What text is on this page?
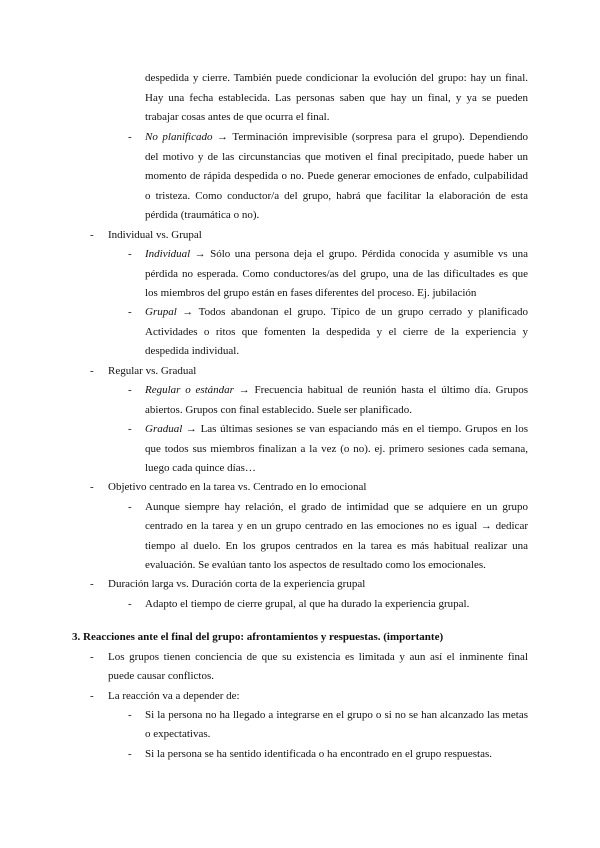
despedida y cierre. También puede condicionar la evolución del grupo: hay un final.
Hay una fecha establecida. Las personas saben que hay un final, y ya se pueden
trabajar cosas antes de que ocurra el final.
- No planificado → Terminación imprevisible (sorpresa para el grupo). Dependiendo
del motivo y de las circunstancias que motiven el final precipitado, puede haber un
momento de rápida despedida o no. Puede generar emociones de enfado, culpabilidad
o tristeza. Como conductor/a del grupo, habrá que facilitar la elaboración de esta
pérdida (traumática o no).
- Individual vs. Grupal
- Individual → Sólo una persona deja el grupo. Pérdida conocida y asumible vs una
pérdida no esperada. Como conductores/as del grupo, una de las dificultades es que
los miembros del grupo están en fases diferentes del proceso. Ej. jubilación
- Grupal → Todos abandonan el grupo. Típico de un grupo cerrado y planificado
Actividades o ritos que fomenten la despedida y el cierre de la experiencia y
despedida individual.
- Regular vs. Gradual
- Regular o estándar → Frecuencia habitual de reunión hasta el último día. Grupos
abiertos. Grupos con final establecido. Suele ser planificado.
- Gradual → Las últimas sesiones se van espaciando más en el tiempo. Grupos en los
que todos sus miembros finalizan a la vez (o no). ej. primero sesiones cada semana,
luego cada quince días…
- Objetivo centrado en la tarea vs. Centrado en lo emocional
- Aunque siempre hay relación, el grado de intimidad que se adquiere en un grupo
centrado en la tarea y en un grupo centrado en las emociones no es igual → dedicar
tiempo al duelo. En los grupos centrados en la tarea es más habitual realizar una
evaluación. Se evalúan tanto los aspectos de resultado como los emocionales.
- Duración larga vs. Duración corta de la experiencia grupal
- Adapto el tiempo de cierre grupal, al que ha durado la experiencia grupal.
3. Reacciones ante el final del grupo: afrontamientos y respuestas. (importante)
- Los grupos tienen conciencia de que su existencia es limitada y aun así el inminente final
puede causar conflictos.
- La reacción va a depender de:
- Si la persona no ha llegado a integrarse en el grupo o si no se han alcanzado las metas
o expectativas.
- Si la persona se ha sentido identificada o ha encontrado en el grupo respuestas.
